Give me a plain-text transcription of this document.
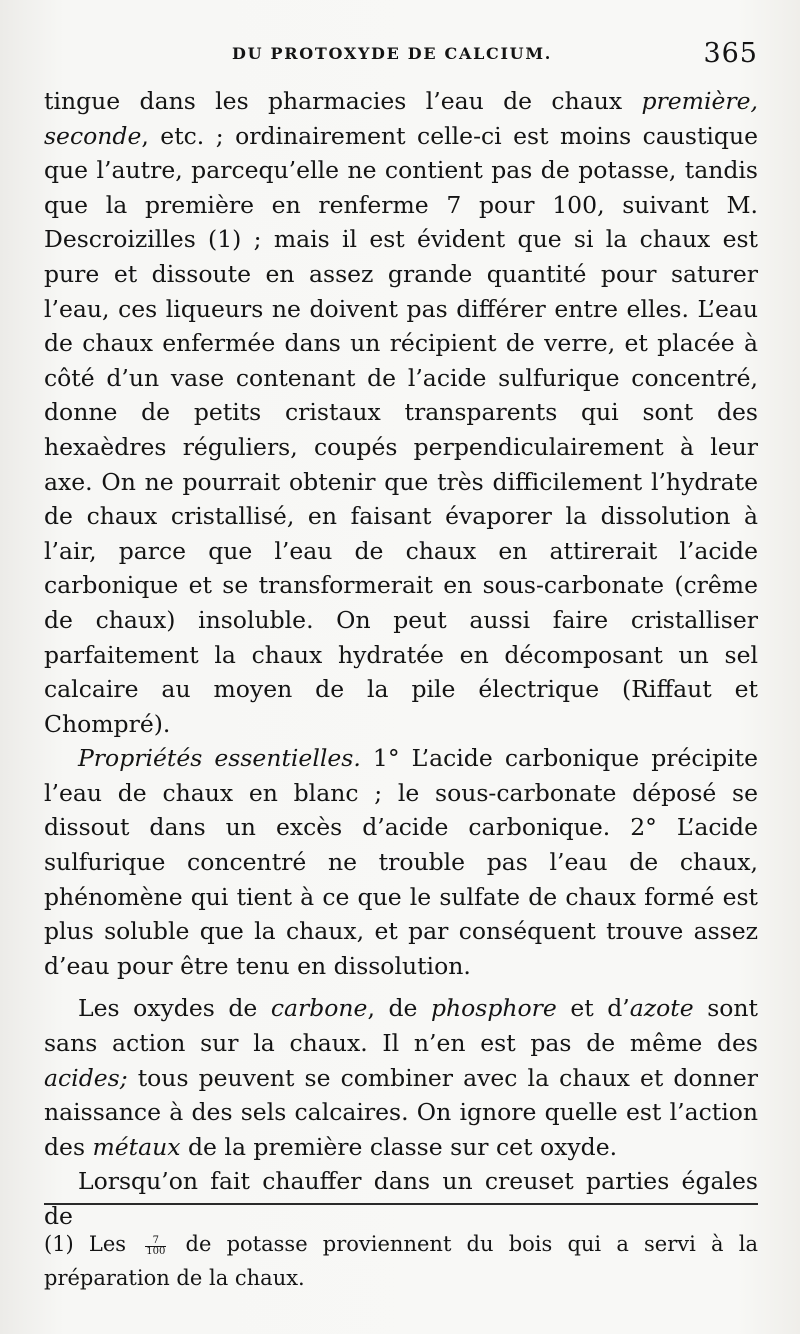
DU PROTOXYDE DE CALCIUM.	365

tingue dans les pharmacies l’eau de chaux première, seconde, etc. ; ordinairement celle-ci est moins caustique que l’autre, parcequ’elle ne contient pas de potasse, tandis que la première en renferme 7 pour 100, suivant M. Descroizilles (1) ; mais il est évident que si la chaux est pure et dissoute en assez grande quantité pour saturer l’eau, ces liqueurs ne doivent pas différer entre elles. L’eau de chaux enfermée dans un récipient de verre, et placée à côté d’un vase contenant de l’acide sulfurique concentré, donne de petits cristaux transparents qui sont des hexaèdres réguliers, coupés perpendiculairement à leur axe. On ne pourrait obtenir que très difficilement l’hydrate de chaux cristallisé, en faisant évaporer la dissolution à l’air, parce que l’eau de chaux en attirerait l’acide carbonique et se transformerait en sous-carbonate (crême de chaux) insoluble. On peut aussi faire cristalliser parfaitement la chaux hydratée en décomposant un sel calcaire au moyen de la pile électrique (Riffaut et Chompré).

Propriétés essentielles. 1° L’acide carbonique précipite l’eau de chaux en blanc ; le sous-carbonate déposé se dissout dans un excès d’acide carbonique. 2° L’acide sulfurique concentré ne trouble pas l’eau de chaux, phénomène qui tient à ce que le sulfate de chaux formé est plus soluble que la chaux, et par conséquent trouve assez d’eau pour être tenu en dissolution.

Les oxydes de carbone, de phosphore et d’azote sont sans action sur la chaux. Il n’en est pas de même des acides; tous peuvent se combiner avec la chaux et donner naissance à des sels calcaires. On ignore quelle est l’action des métaux de la première classe sur cet oxyde.

Lorsqu’on fait chauffer dans un creuset parties égales de

(1) Les $\frac{7}{100}$ de potasse proviennent du bois qui a servi à la préparation de la chaux.
